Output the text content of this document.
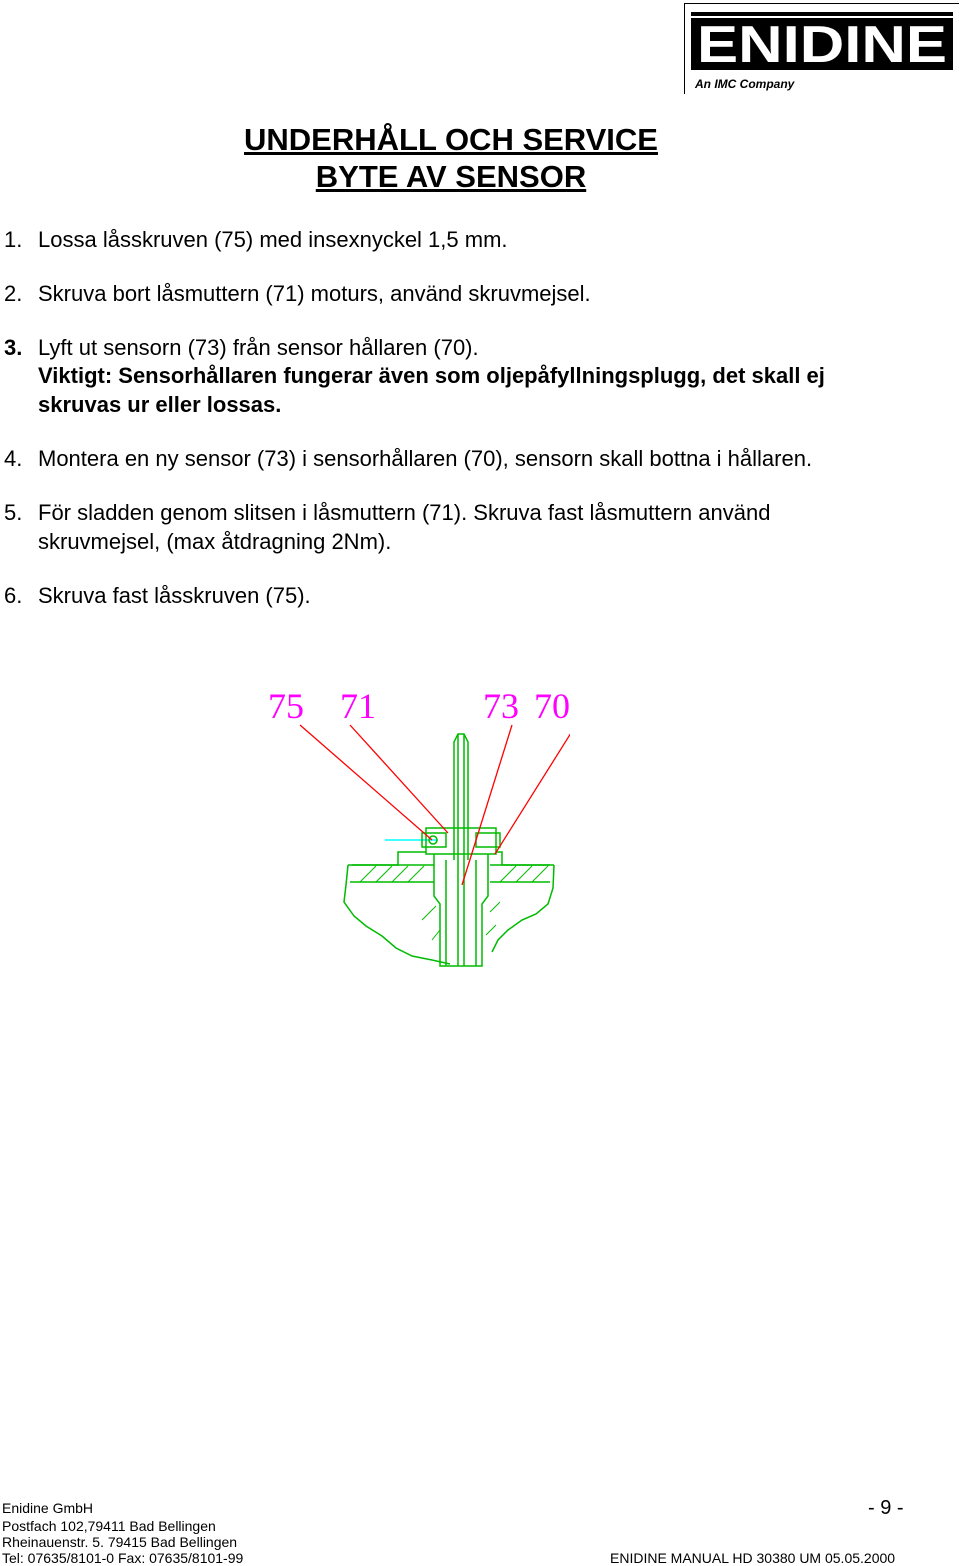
ENIDINE
An IMC Company
UNDERHÅLL OCH SERVICE
BYTE AV SENSOR
1. Lossa låsskruven (75) med insexnyckel 1,5 mm.
2. Skruva bort låsmuttern (71) moturs, använd skruvmejsel.
3. Lyft ut sensorn (73) från sensor hållaren (70).
Viktigt: Sensorhållaren fungerar även som oljepåfyllningsplugg, det skall ej
skruvas ur eller lossas.
4. Montera en ny sensor (73) i sensorhållaren (70), sensorn skall bottna i hållaren.
5. För sladden genom slitsen i låsmuttern (71). Skruva fast låsmuttern använd
skruvmejsel, (max åtdragning 2Nm).
6. Skruva fast låsskruven (75).
75 71	73 70
Enidine GmbH	- 9 -
Postfach 102,79411 Bad Bellingen
Rheinauenstr. 5. 79415 Bad Bellingen
Tel: 07635/8101-0 Fax: 07635/8101-99	ENIDINE MANUAL HD 30380 UM 05.05.2000
